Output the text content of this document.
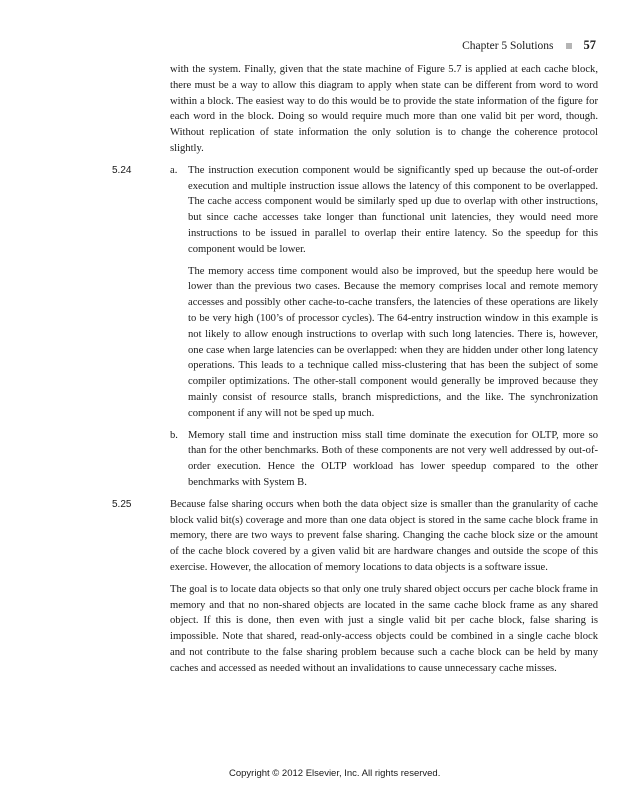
Chapter 5 Solutions 57

with the system. Finally, given that the state machine of Figure 5.7 is applied at each cache block, there must be a way to allow this diagram to apply when state can be different from word to word within a block. The easiest way to do this would be to provide the state information of the figure for each word in the block. Doing so would require much more than one valid bit per word, though. Without replication of state information the only solution is to change the coherence protocol slightly.

5.24	a. The instruction execution component would be significantly sped up because the out-of-order execution and multiple instruction issue allows the latency of this component to be overlapped. The cache access component would be similarly sped up due to overlap with other instructions, but since cache accesses take longer than functional unit latencies, they would need more instructions to be issued in parallel to overlap their entire latency. So the speedup for this component would be lower.

The memory access time component would also be improved, but the speedup here would be lower than the previous two cases. Because the memory comprises local and remote memory accesses and possibly other cache-to-cache transfers, the latencies of these operations are likely to be very high (100’s of processor cycles). The 64-entry instruction window in this example is not likely to allow enough instructions to overlap with such long latencies. There is, however, one case when large latencies can be overlapped: when they are hidden under other long latency operations. This leads to a technique called miss-clustering that has been the subject of some compiler optimizations. The other-stall component would generally be improved because they mainly consist of resource stalls, branch mispredictions, and the like. The synchronization component if any will not be sped up much.

b. Memory stall time and instruction miss stall time dominate the execution for OLTP, more so than for the other benchmarks. Both of these components are not very well addressed by out-of-order execution. Hence the OLTP workload has lower speedup compared to the other benchmarks with System B.

5.25	Because false sharing occurs when both the data object size is smaller than the granularity of cache block valid bit(s) coverage and more than one data object is stored in the same cache block frame in memory, there are two ways to prevent false sharing. Changing the cache block size or the amount of the cache block covered by a given valid bit are hardware changes and outside the scope of this exercise. However, the allocation of memory locations to data objects is a software issue.

The goal is to locate data objects so that only one truly shared object occurs per cache block frame in memory and that no non-shared objects are located in the same cache block frame as any shared object. If this is done, then even with just a single valid bit per cache block, false sharing is impossible. Note that shared, read-only-access objects could be combined in a single cache block and not contribute to the false sharing problem because such a cache block can be held by many caches and accessed as needed without an invalidations to cause unnecessary cache misses.

Copyright © 2012 Elsevier, Inc. All rights reserved.
